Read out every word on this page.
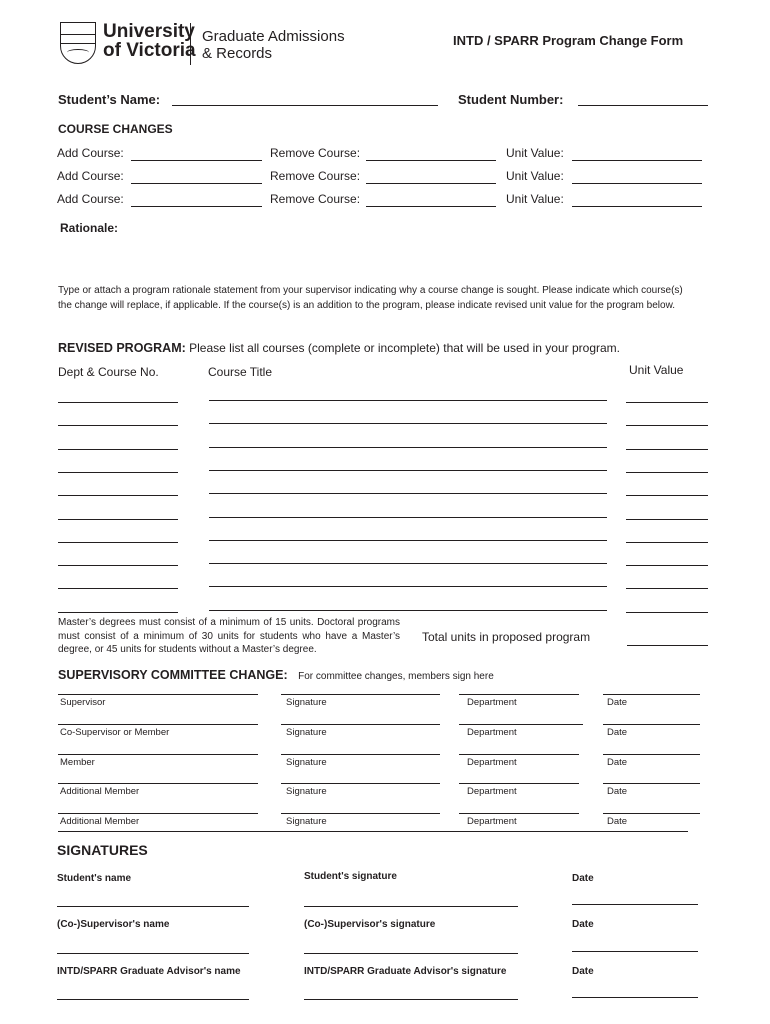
University
of Victoria
Graduate Admissions
& Records
INTD / SPARR Program Change Form
Student’s Name:	Student Number:
COURSE CHANGES
Add Course:	Remove Course:	Unit Value:
Add Course:	Remove Course:	Unit Value:
Add Course:	Remove Course:	Unit Value:
Rationale:
Type or attach a program rationale statement from your supervisor indicating why a course change is sought. Please indicate which course(s) the change will replace, if applicable. If the course(s) is an addition to the program, please indicate revised unit value for the program below.
REVISED PROGRAM: Please list all courses (complete or incomplete) that will be used in your program.
Dept & Course No.	Course Title	Unit Value
Master’s degrees must consist of a minimum of 15 units. Doctoral programs must consist of a minimum of 30 units for students who have a Master’s degree, or 45 units for students without a Master’s degree.
Total units in proposed program
SUPERVISORY COMMITTEE CHANGE: For committee changes, members sign here
Supervisor	Signature	Department	Date
Co-Supervisor or Member	Signature	Department	Date
Member	Signature	Department	Date
Additional Member	Signature	Department	Date
Additional Member	Signature	Department	Date
SIGNATURES
Student's name	Student's signature	Date
(Co-)Supervisor's name	(Co-)Supervisor's signature	Date
INTD/SPARR Graduate Advisor's name	INTD/SPARR Graduate Advisor's signature	Date
